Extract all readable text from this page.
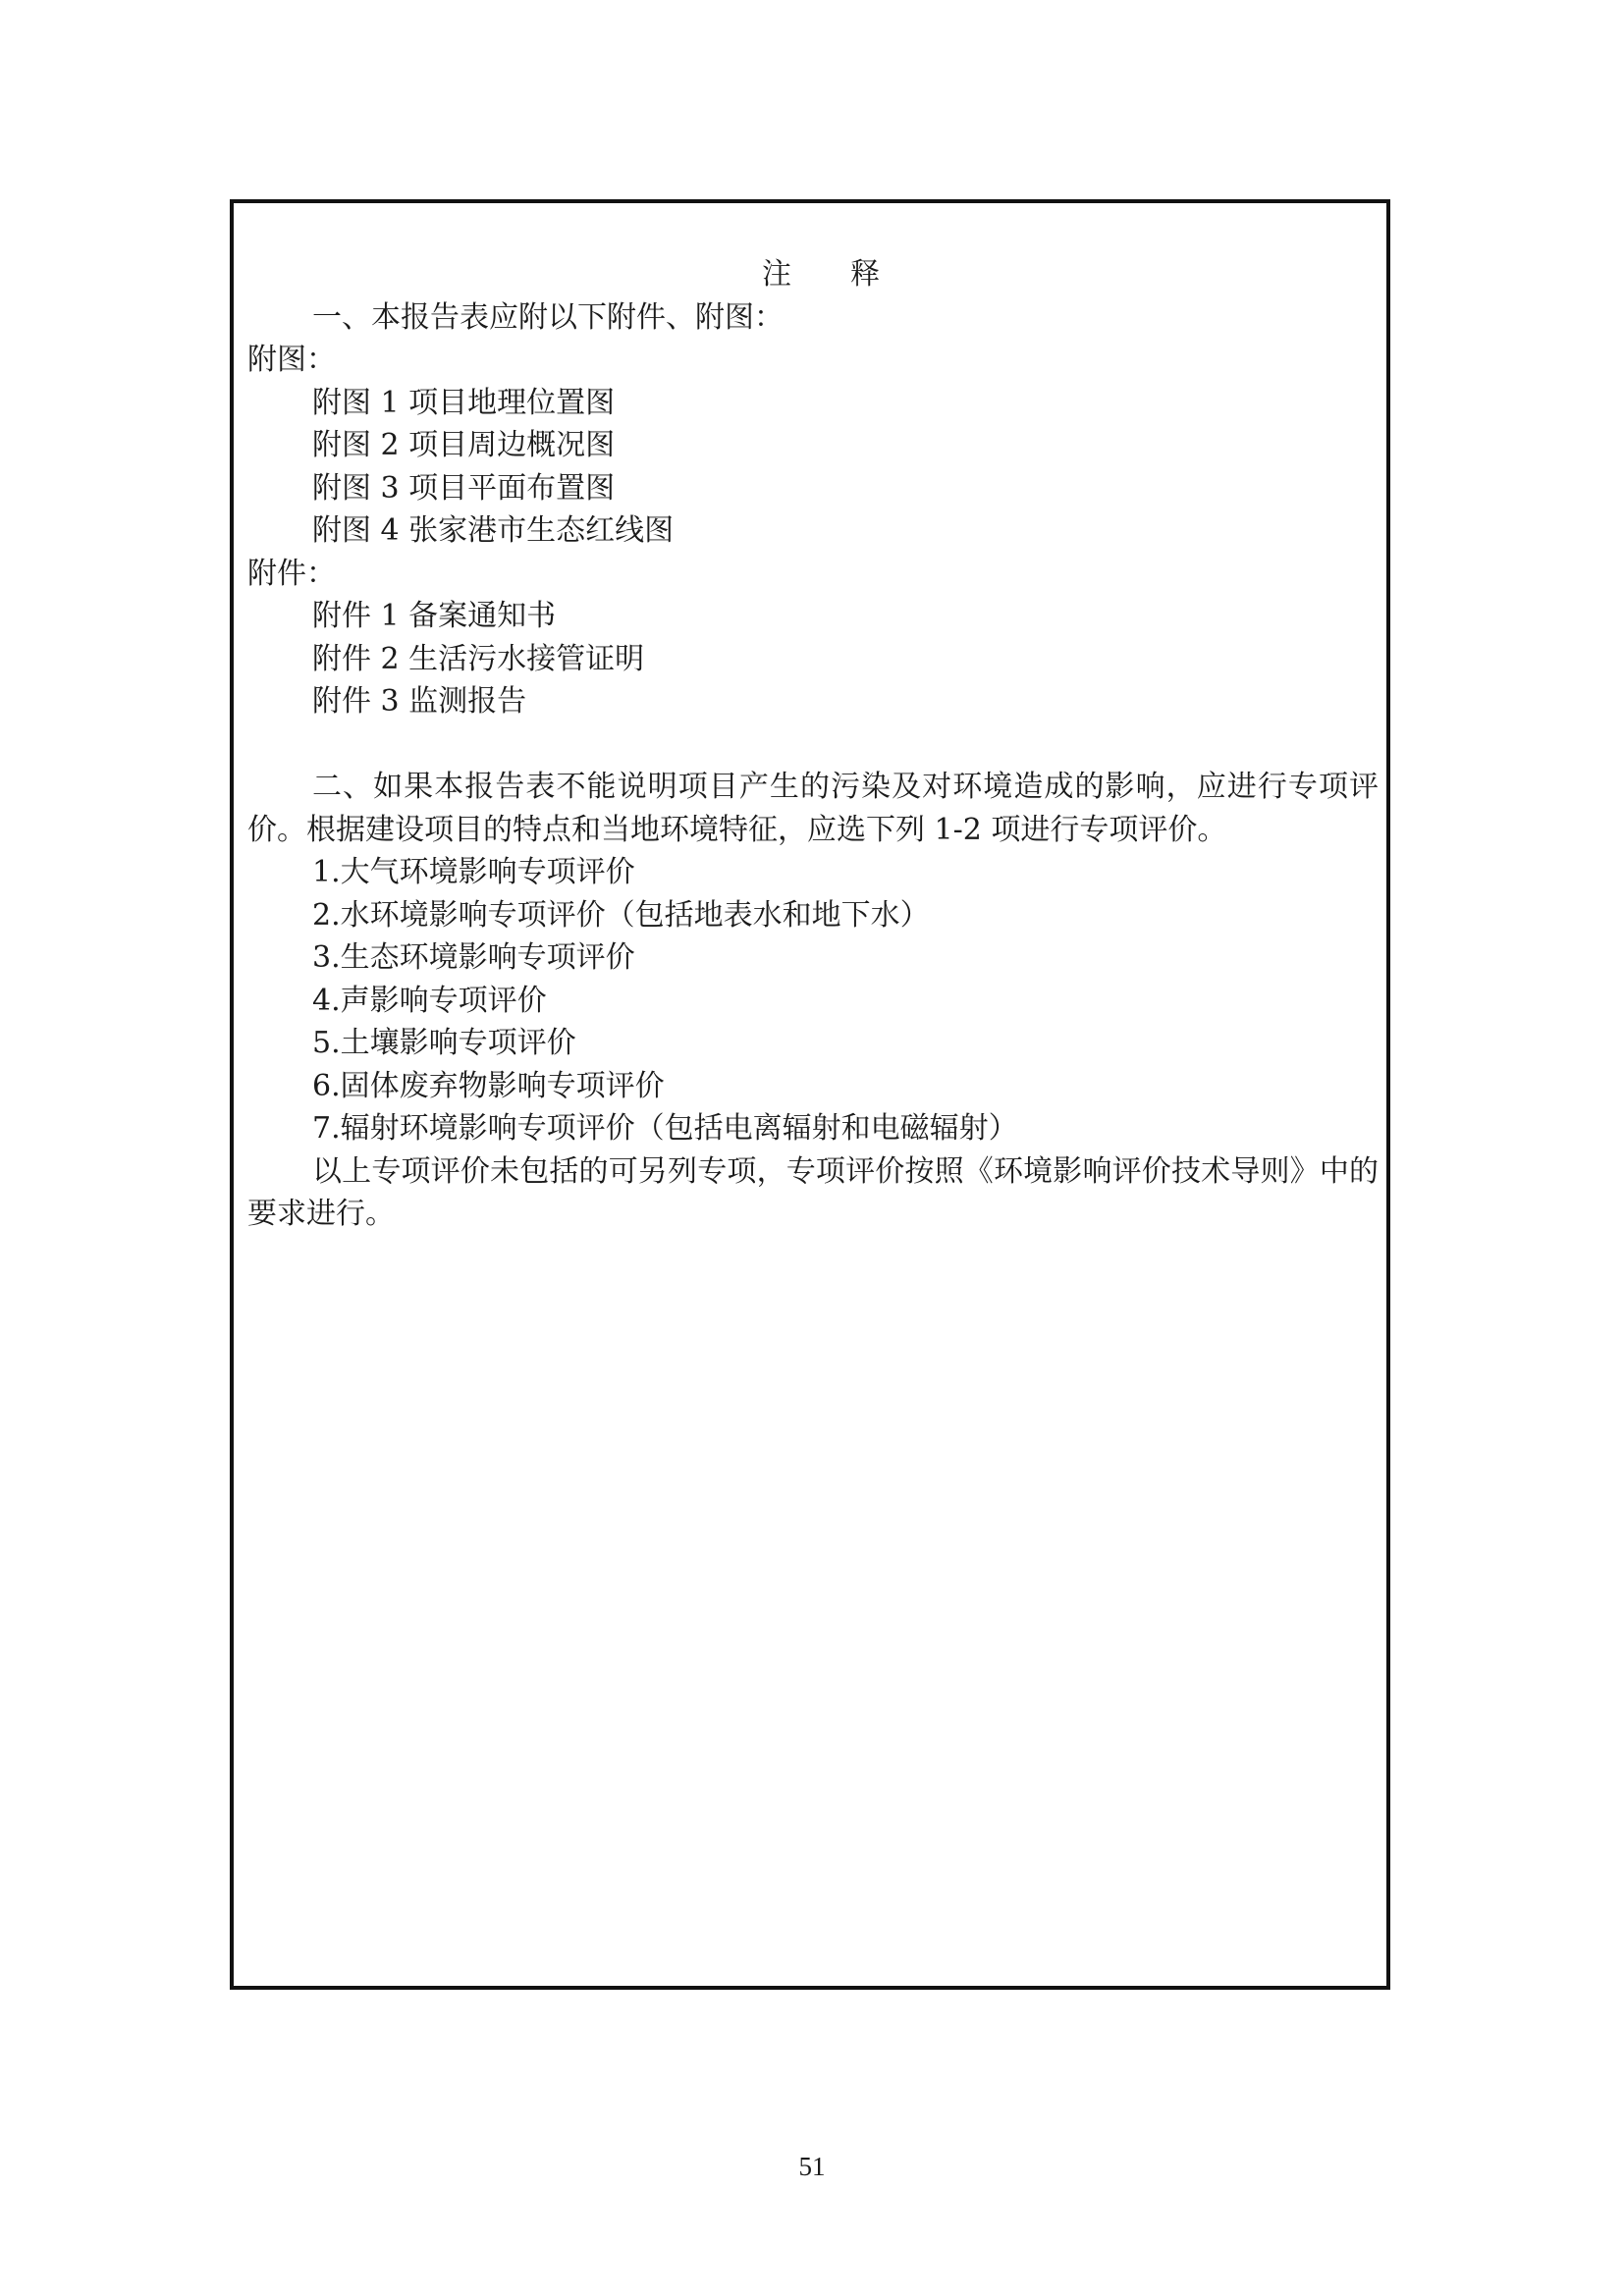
注 释
一、本报告表应附以下附件、附图：
附图：
附图 1 项目地理位置图
附图 2 项目周边概况图
附图 3 项目平面布置图
附图 4 张家港市生态红线图
附件：
附件 1 备案通知书
附件 2 生活污水接管证明
附件 3 监测报告
二、如果本报告表不能说明项目产生的污染及对环境造成的影响，应进行专项评价。根据建设项目的特点和当地环境特征，应选下列 1-2 项进行专项评价。
1.大气环境影响专项评价
2.水环境影响专项评价（包括地表水和地下水）
3.生态环境影响专项评价
4.声影响专项评价
5.土壤影响专项评价
6.固体废弃物影响专项评价
7.辐射环境影响专项评价（包括电离辐射和电磁辐射）
以上专项评价未包括的可另列专项，专项评价按照《环境影响评价技术导则》中的要求进行。
51
